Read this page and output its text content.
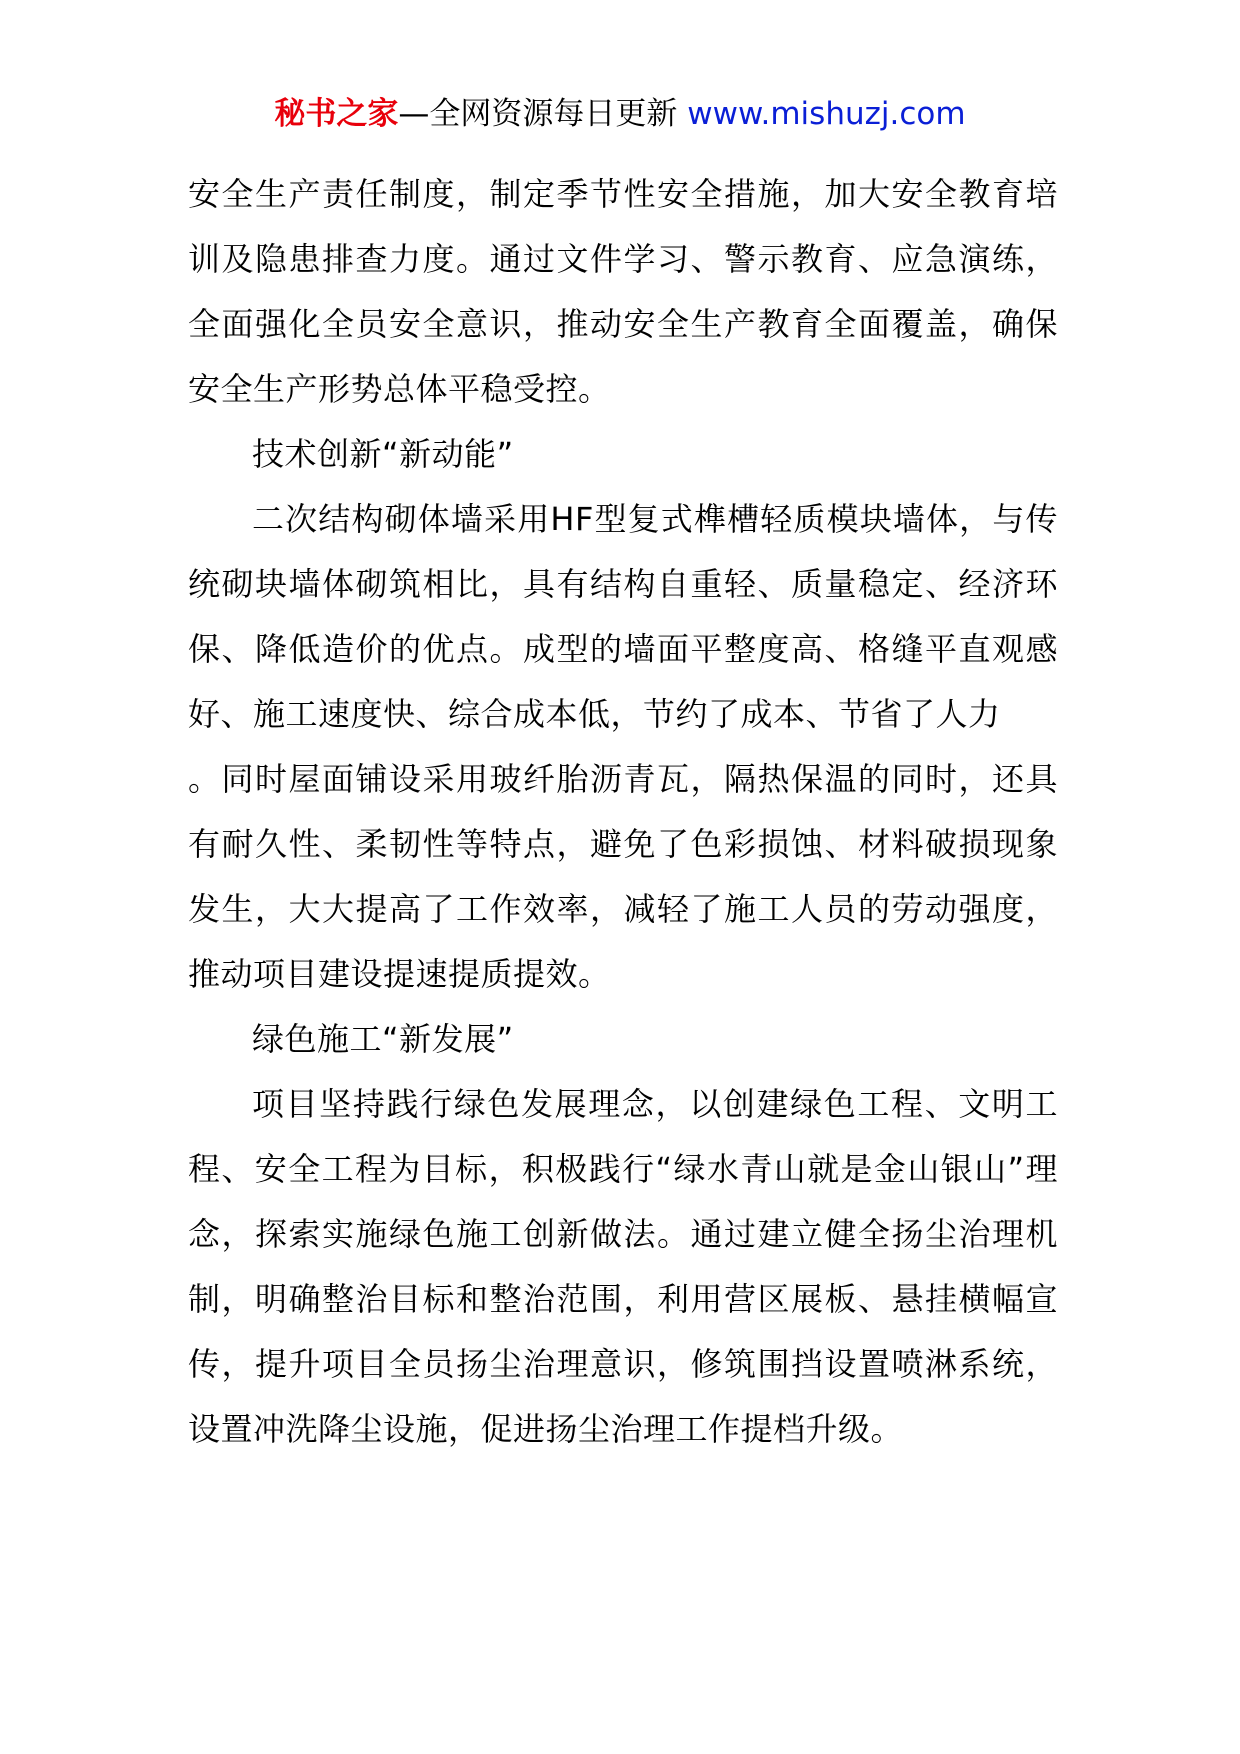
秘书之家—全网资源每日更新 www.mishuzj.com

安全生产责任制度，制定季节性安全措施，加大安全教育培训及隐患排查力度。通过文件学习、警示教育、应急演练，全面强化全员安全意识，推动安全生产教育全面覆盖，确保安全生产形势总体平稳受控。

技术创新“新动能”

二次结构砌体墙采用HF型复式榫槽轻质模块墙体，与传统砌块墙体砌筑相比，具有结构自重轻、质量稳定、经济环保、降低造价的优点。成型的墙面平整度高、格缝平直观感好、施工速度快、综合成本低，节约了成本、节省了人力

。同时屋面铺设采用玻纤胎沥青瓦，隔热保温的同时，还具有耐久性、柔韧性等特点，避免了色彩损蚀、材料破损现象发生，大大提高了工作效率，减轻了施工人员的劳动强度，推动项目建设提速提质提效。

绿色施工“新发展”

项目坚持践行绿色发展理念，以创建绿色工程、文明工程、安全工程为目标，积极践行“绿水青山就是金山银山”理念，探索实施绿色施工创新做法。通过建立健全扬尘治理机制，明确整治目标和整治范围，利用营区展板、悬挂横幅宣传，提升项目全员扬尘治理意识，修筑围挡设置喷淋系统，设置冲洗降尘设施，促进扬尘治理工作提档升级。
